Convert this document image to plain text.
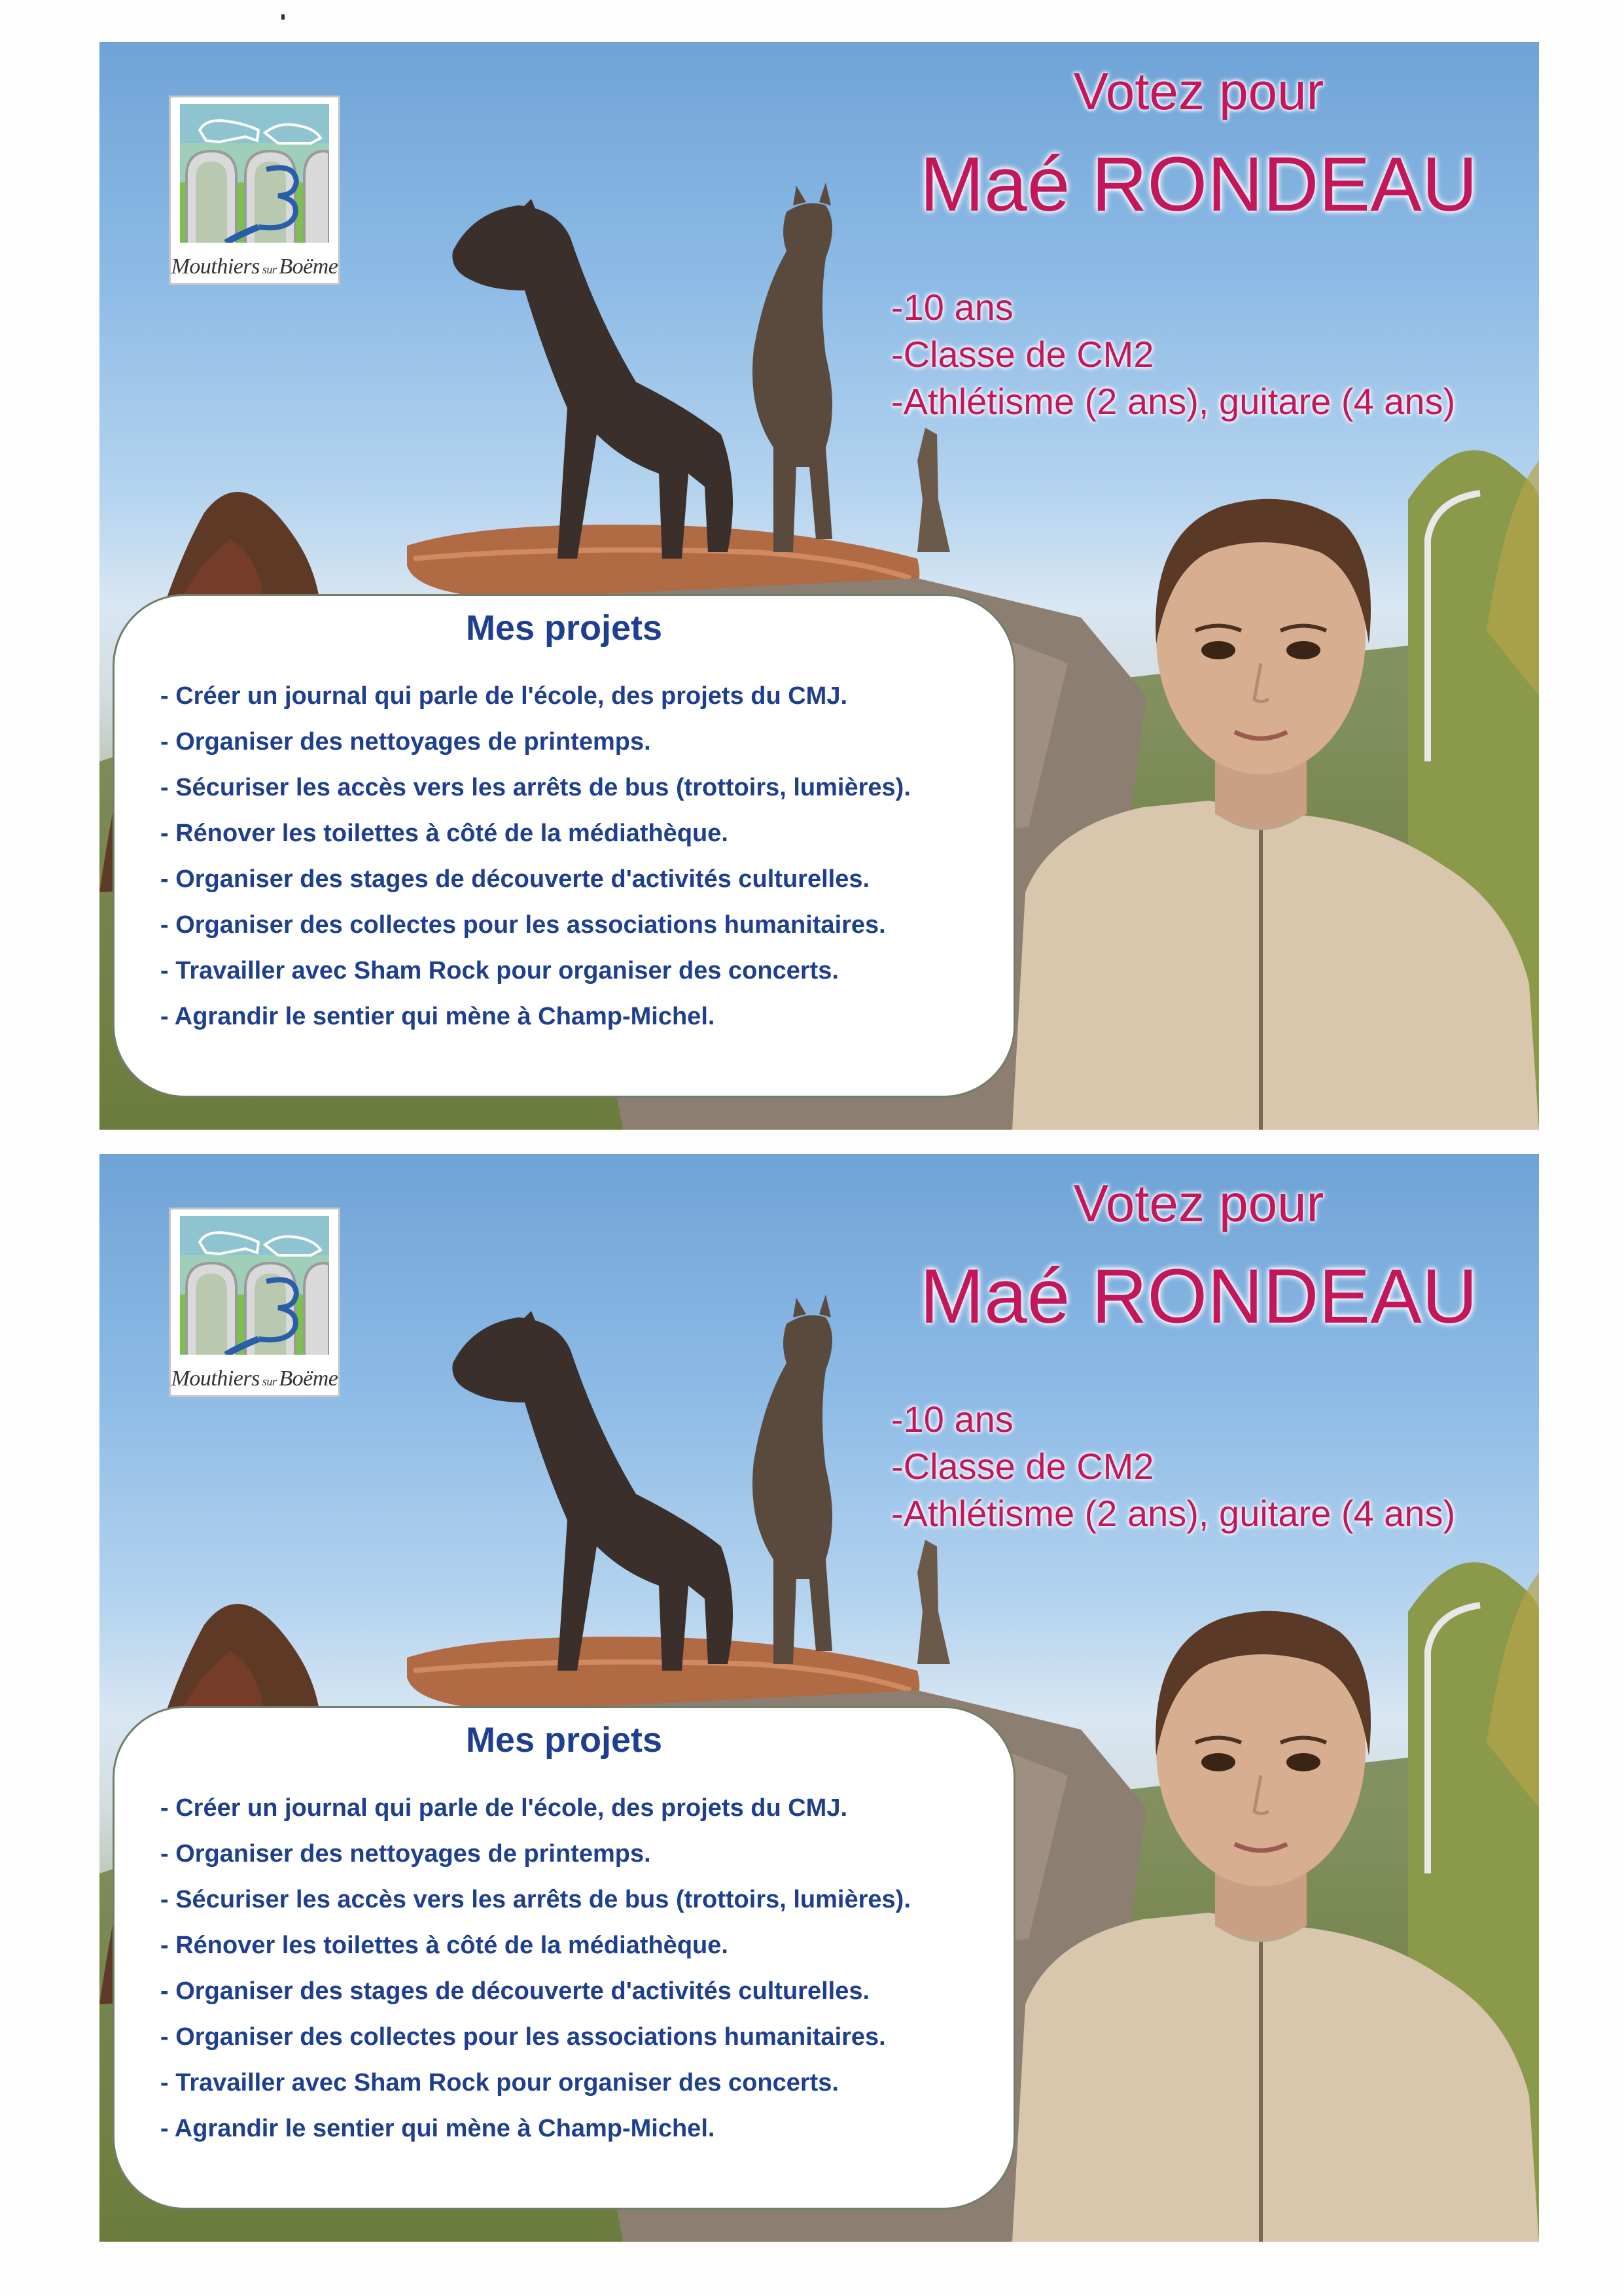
Mouthiers sur Boëme
Votez pour
Maé RONDEAU
-10 ans
-Classe de CM2
-Athlétisme (2 ans), guitare (4 ans)
Mes projets
- Créer un journal qui parle de l'école, des projets du CMJ.
- Organiser des nettoyages de printemps.
- Sécuriser les accès vers les arrêts de bus (trottoirs, lumières).
- Rénover les toilettes à côté de la médiathèque.
- Organiser des stages de découverte d'activités culturelles.
- Organiser des collectes pour les associations humanitaires.
- Travailler avec Sham Rock pour organiser des concerts.
- Agrandir le sentier qui mène à Champ-Michel.
Mouthiers sur Boëme
Votez pour
Maé RONDEAU
-10 ans
-Classe de CM2
-Athlétisme (2 ans), guitare (4 ans)
Mes projets
- Créer un journal qui parle de l'école, des projets du CMJ.
- Organiser des nettoyages de printemps.
- Sécuriser les accès vers les arrêts de bus (trottoirs, lumières).
- Rénover les toilettes à côté de la médiathèque.
- Organiser des stages de découverte d'activités culturelles.
- Organiser des collectes pour les associations humanitaires.
- Travailler avec Sham Rock pour organiser des concerts.
- Agrandir le sentier qui mène à Champ-Michel.
